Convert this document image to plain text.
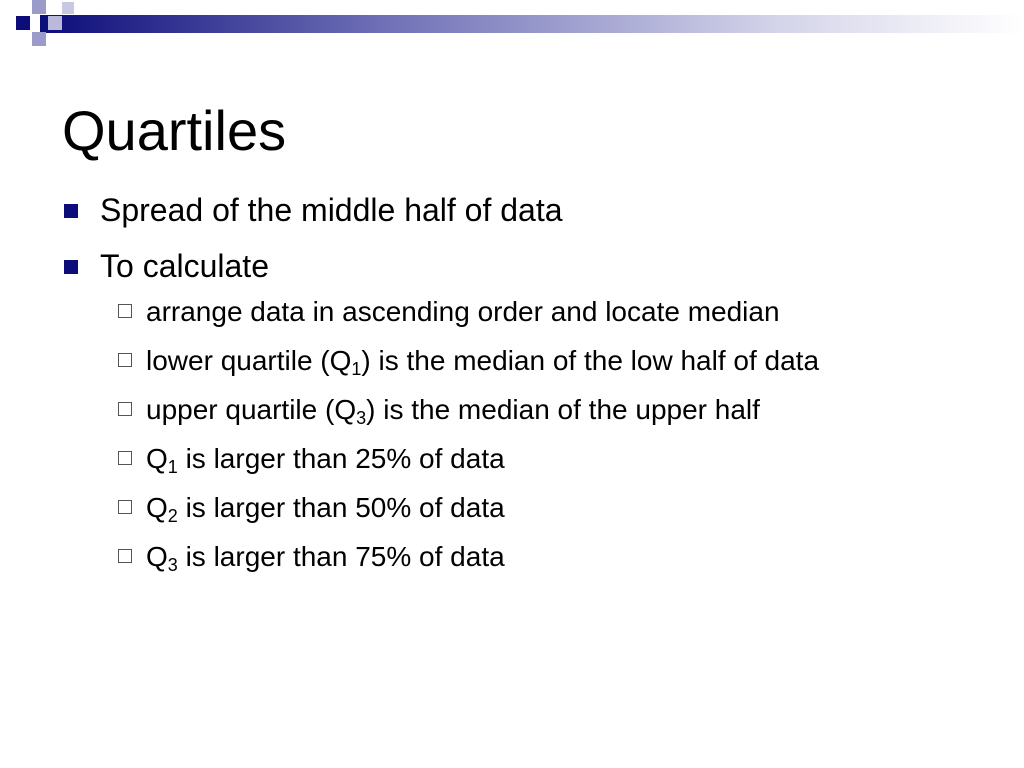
Quartiles
Spread of the middle half of data
To calculate
arrange data in ascending order and locate median
lower quartile $(Q_1)$ is the median of the low half of data
upper quartile $(Q_3)$ is the median of the upper half
$Q_1$ is larger than 25% of data
$Q_2$ is larger than 50% of data
$Q_3$ is larger than 75% of data
